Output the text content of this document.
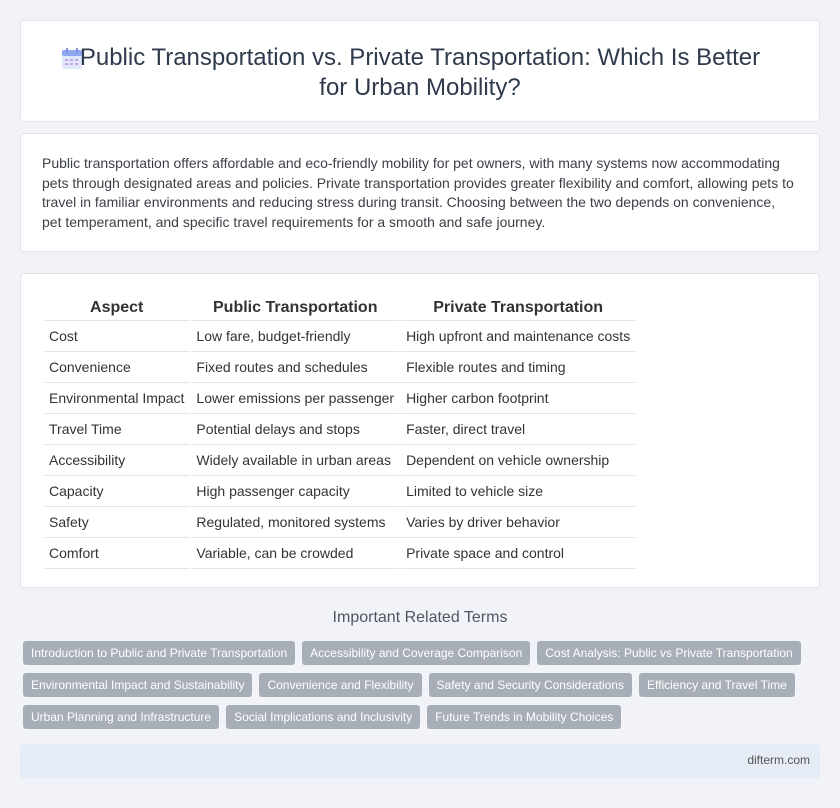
Public Transportation vs. Private Transportation: Which Is Better
for Urban Mobility?

Public transportation offers affordable and eco-friendly mobility for pet owners, with many systems now accommodating pets through designated areas and policies. Private transportation provides greater flexibility and comfort, allowing pets to travel in familiar environments and reducing stress during transit. Choosing between the two depends on convenience, pet temperament, and specific travel requirements for a smooth and safe journey.

Aspect	Public Transportation	Private Transportation
Cost	Low fare, budget-friendly	High upfront and maintenance costs
Convenience	Fixed routes and schedules	Flexible routes and timing
Environmental Impact	Lower emissions per passenger	Higher carbon footprint
Travel Time	Potential delays and stops	Faster, direct travel
Accessibility	Widely available in urban areas	Dependent on vehicle ownership
Capacity	High passenger capacity	Limited to vehicle size
Safety	Regulated, monitored systems	Varies by driver behavior
Comfort	Variable, can be crowded	Private space and control
Important Related Terms
Introduction to Public and Private Transportation	Accessibility and Coverage Comparison	Cost Analysis: Public vs Private Transportation
Environmental Impact and Sustainability	Convenience and Flexibility	Safety and Security Considerations	Efficiency and Travel Time
Urban Planning and Infrastructure	Social Implications and Inclusivity	Future Trends in Mobility Choices
difterm.com
